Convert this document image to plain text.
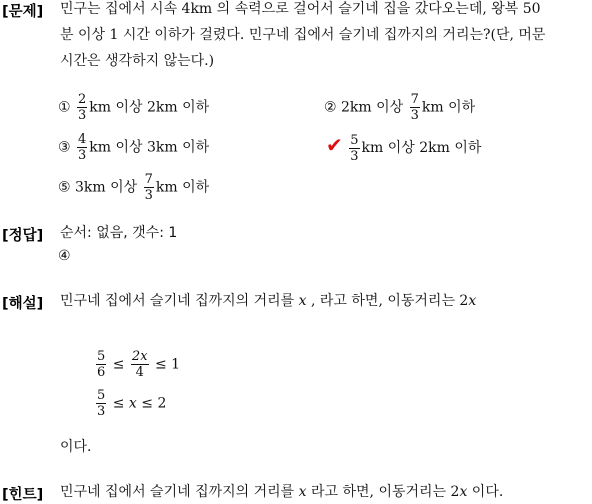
[문제] 민구는 집에서 시속 4km 의 속력으로 걸어서 슬기네 집을 갔다오는데, 왕복 50
분 이상 1 시간 이하가 걸렸다. 민구네 집에서 슬기네 집까지의 거리는?(단, 머문
시간은 생각하지 않는다.)
① $\frac{2}{3}$ km 이상 2km 이하	② 2km 이상 $\frac{7}{3}$ km 이하
③ $\frac{4}{3}$ km 이상 3km 이하	✔ $\frac{5}{3}$ km 이상 2km 이하
⑤ 3km 이상 $\frac{7}{3}$ km 이하
[정답] 순서: 없음, 갯수: 1
④
[해설] 민구네 집에서 슬기네 집까지의 거리를 x , 라고 하면, 이동거리는 2x
$\frac{5}{6} \le \frac{2x}{4} \le 1$
$\frac{5}{3} \le x \le 2$
이다.
[힌트] 민구네 집에서 슬기네 집까지의 거리를 x 라고 하면, 이동거리는 2x 이다.
